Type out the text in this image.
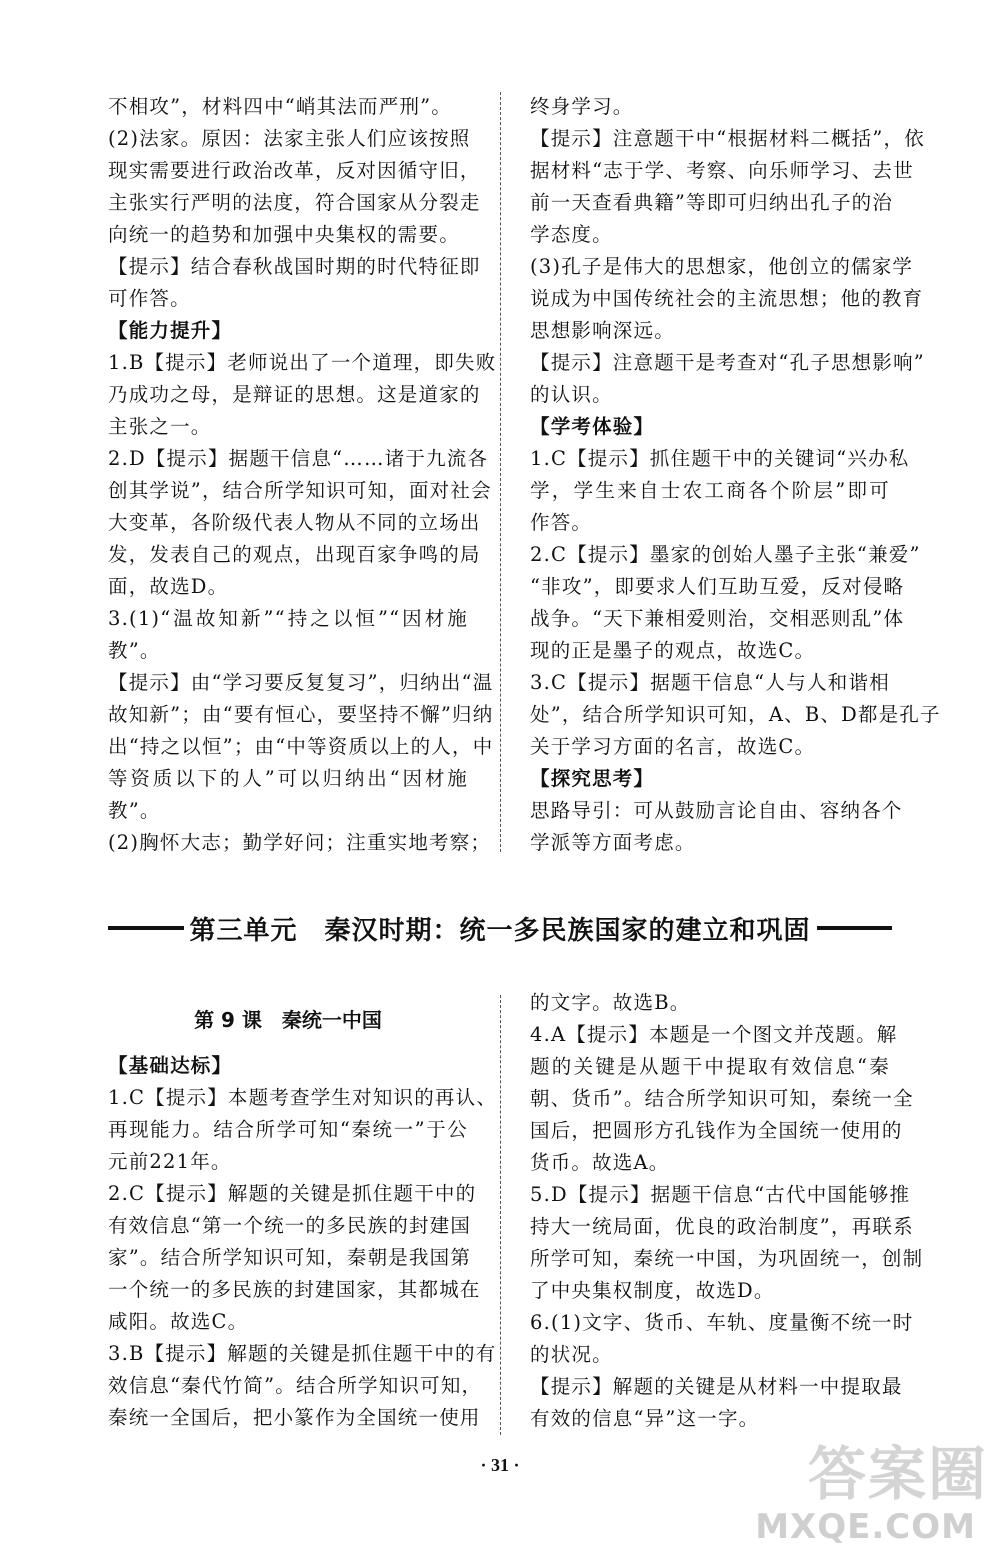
不相攻”，材料四中“峭其法而严刑”。

(2)法家。原因：法家主张人们应该按照

现实需要进行政治改革，反对因循守旧，

主张实行严明的法度，符合国家从分裂走

向统一的趋势和加强中央集权的需要。

【提示】结合春秋战国时期的时代特征即

可作答。

【能力提升】

1.B【提示】老师说出了一个道理，即失败

乃成功之母，是辩证的思想。这是道家的

主张之一。

2.D【提示】据题干信息“……诸于九流各

创其学说”，结合所学知识可知，面对社会

大变革，各阶级代表人物从不同的立场出

发，发表自己的观点，出现百家争鸣的局

面，故选D。

3.(1)“温故知新”“持之以恒”“因材施

教”。

【提示】由“学习要反复复习”，归纳出“温

故知新”；由“要有恒心，要坚持不懈”归纳

出“持之以恒”；由“中等资质以上的人，中

等资质以下的人”可以归纳出“因材施

教”。

(2)胸怀大志；勤学好问；注重实地考察；

终身学习。

【提示】注意题干中“根据材料二概括”，依

据材料“志于学、考察、向乐师学习、去世

前一天查看典籍”等即可归纳出孔子的治

学态度。

(3)孔子是伟大的思想家，他创立的儒家学

说成为中国传统社会的主流思想；他的教育

思想影响深远。

【提示】注意题干是考查对“孔子思想影响”

的认识。

【学考体验】

1.C【提示】抓住题干中的关键词“兴办私

学，学生来自士农工商各个阶层”即可

作答。

2.C【提示】墨家的创始人墨子主张“兼爱”

“非攻”，即要求人们互助互爱，反对侵略

战争。“天下兼相爱则治，交相恶则乱”体

现的正是墨子的观点，故选C。

3.C【提示】据题干信息“人与人和谐相

处”，结合所学知识可知，A、B、D都是孔子

关于学习方面的名言，故选C。

【探究思考】

思路导引：可从鼓励言论自由、容纳各个

学派等方面考虑。

第三单元　秦汉时期：统一多民族国家的建立和巩固
第 9 课　秦统一中国

【基础达标】

1.C【提示】本题考查学生对知识的再认、

再现能力。结合所学可知“秦统一”于公

元前221年。

2.C【提示】解题的关键是抓住题干中的

有效信息“第一个统一的多民族的封建国

家”。结合所学知识可知，秦朝是我国第

一个统一的多民族的封建国家，其都城在

咸阳。故选C。

3.B【提示】解题的关键是抓住题干中的有

效信息“秦代竹简”。结合所学知识可知，

秦统一全国后，把小篆作为全国统一使用

的文字。故选B。

4.A【提示】本题是一个图文并茂题。解

题的关键是从题干中提取有效信息“秦

朝、货币”。结合所学知识可知，秦统一全

国后，把圆形方孔钱作为全国统一使用的

货币。故选A。

5.D【提示】据题干信息“古代中国能够推

持大一统局面，优良的政治制度”，再联系

所学可知，秦统一中国，为巩固统一，创制

了中央集权制度，故选D。

6.(1)文字、货币、车轨、度量衡不统一时

的状况。

【提示】解题的关键是从材料一中提取最

有效的信息“异”这一字。

· 31 ·	答案圈
MXQE.COM
